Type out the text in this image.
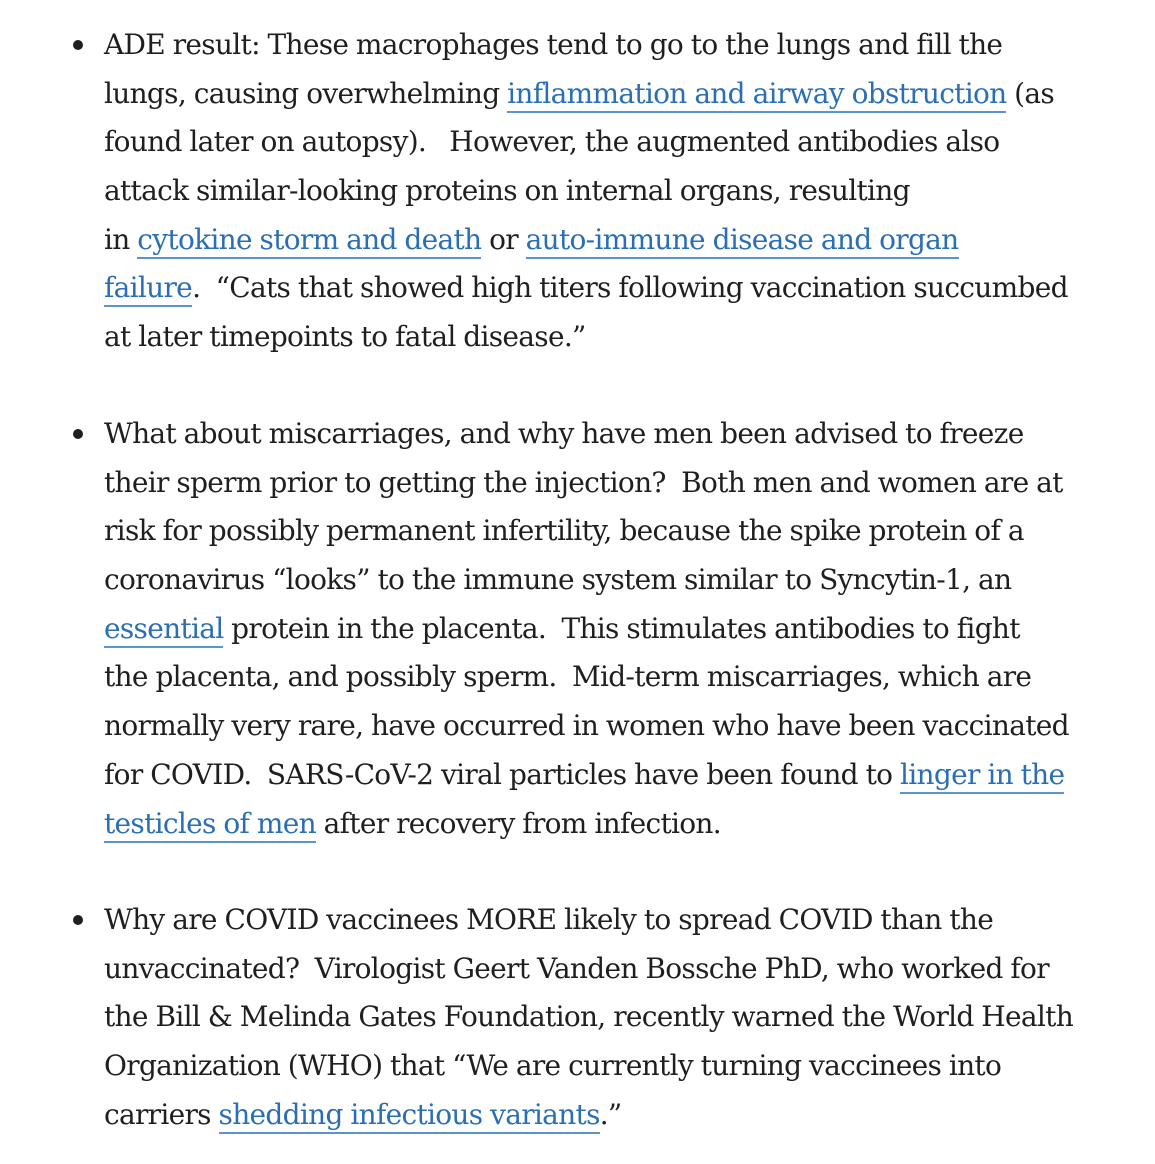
ADE result: These macrophages tend to go to the lungs and fill the
lungs, causing overwhelming inflammation and airway obstruction (as
found later on autopsy).   However, the augmented antibodies also
attack similar-looking proteins on internal organs, resulting
in cytokine storm and death or auto-immune disease and organ
failure.  “Cats that showed high titers following vaccination succumbed
at later timepoints to fatal disease.”
What about miscarriages, and why have men been advised to freeze
their sperm prior to getting the injection?  Both men and women are at
risk for possibly permanent infertility, because the spike protein of a
coronavirus “looks” to the immune system similar to Syncytin-1, an
essential protein in the placenta.  This stimulates antibodies to fight
the placenta, and possibly sperm.  Mid-term miscarriages, which are
normally very rare, have occurred in women who have been vaccinated
for COVID.  SARS-CoV-2 viral particles have been found to linger in the
testicles of men after recovery from infection.
Why are COVID vaccinees MORE likely to spread COVID than the
unvaccinated?  Virologist Geert Vanden Bossche PhD, who worked for
the Bill & Melinda Gates Foundation, recently warned the World Health
Organization (WHO) that “We are currently turning vaccinees into
carriers shedding infectious variants.”
